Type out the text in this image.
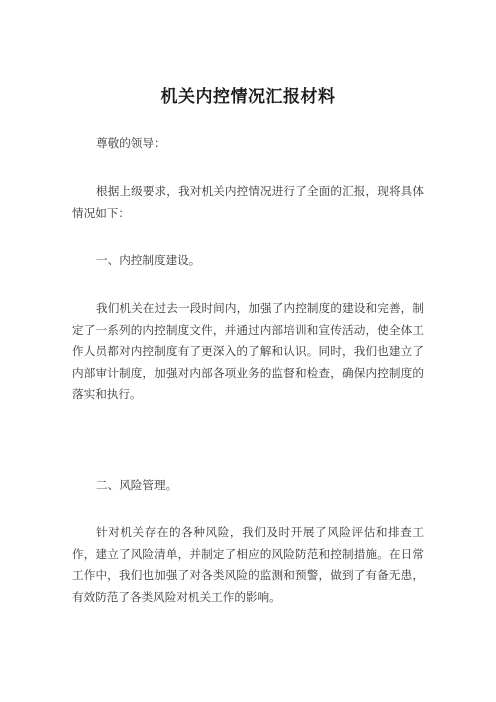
机关内控情况汇报材料
尊敬的领导：
根据上级要求，我对机关内控情况进行了全面的汇报，现将具体情况如下：
一、内控制度建设。
我们机关在过去一段时间内，加强了内控制度的建设和完善，制定了一系列的内控制度文件，并通过内部培训和宣传活动，使全体工作人员都对内控制度有了更深入的了解和认识。同时，我们也建立了内部审计制度，加强对内部各项业务的监督和检查，确保内控制度的落实和执行。
二、风险管理。
针对机关存在的各种风险，我们及时开展了风险评估和排查工作，建立了风险清单，并制定了相应的风险防范和控制措施。在日常工作中，我们也加强了对各类风险的监测和预警，做到了有备无患，有效防范了各类风险对机关工作的影响。
